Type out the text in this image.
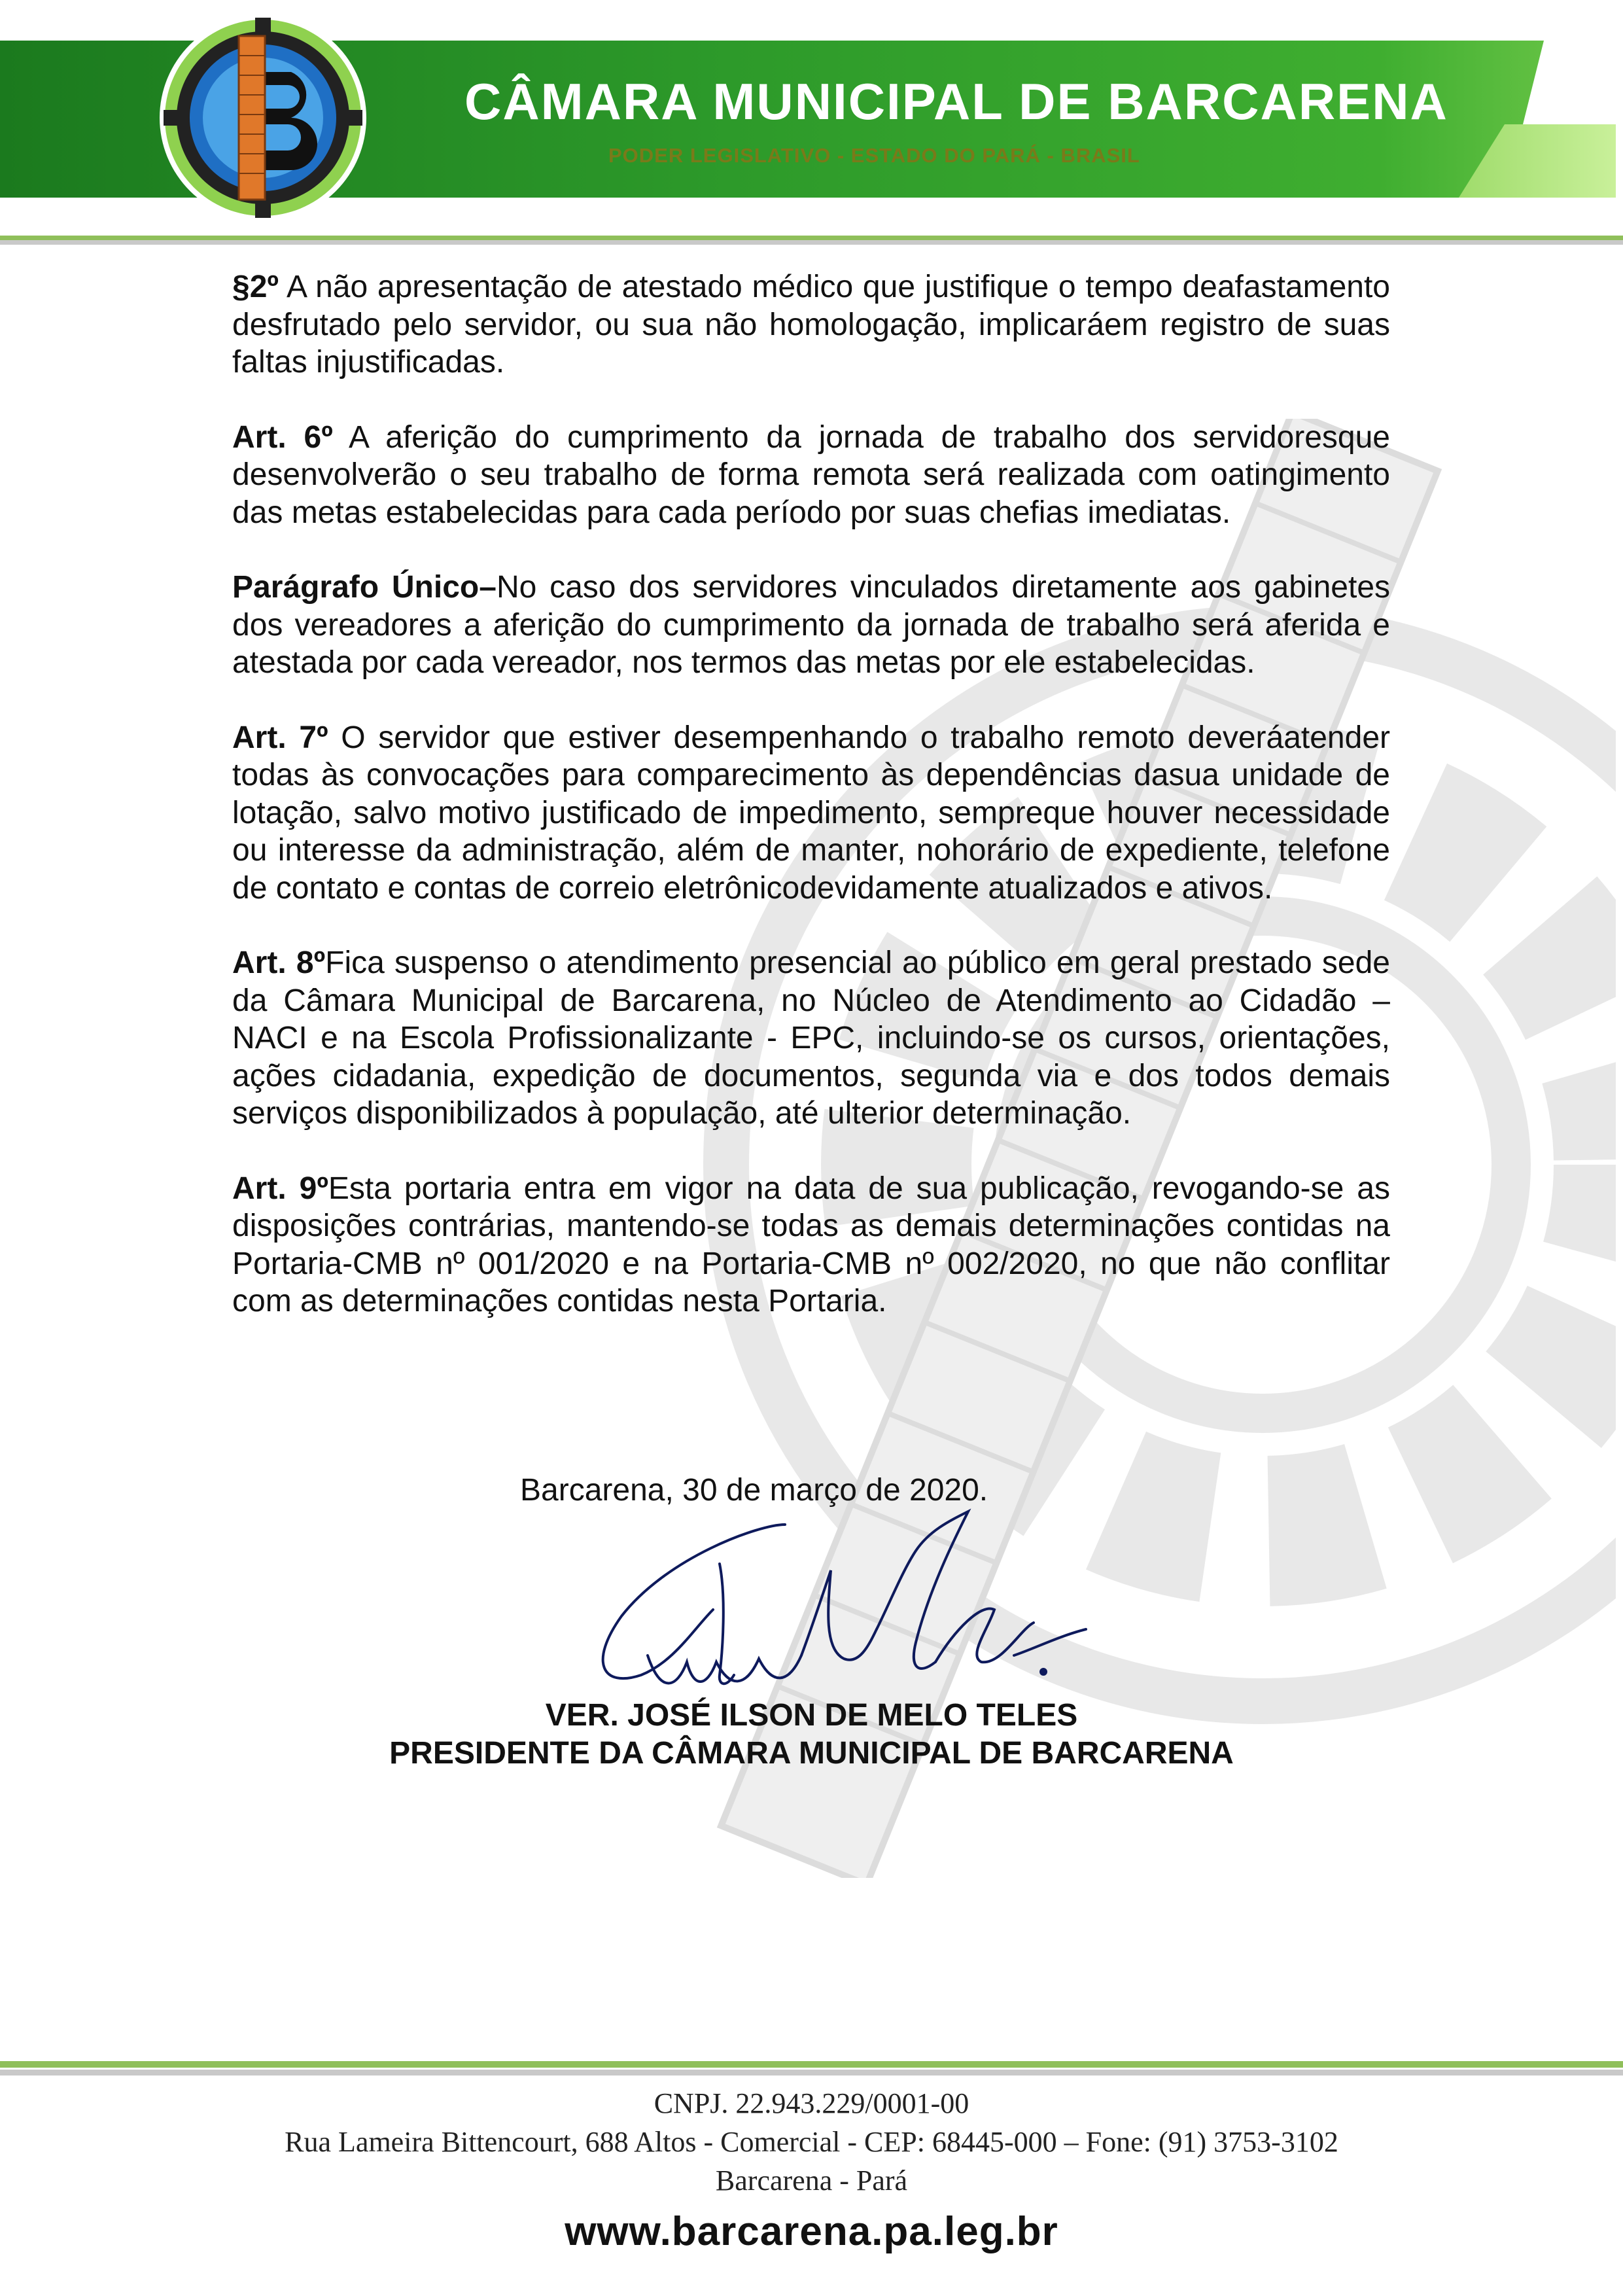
CÂMARA MUNICIPAL DE BARCARENA
PODER LEGISLATIVO - ESTADO DO PARÁ - BRASIL

§2º A não apresentação de atestado médico que justifique o tempo deafastamento desfrutado pelo servidor, ou sua não homologação, implicaráem registro de suas faltas injustificadas.

Art. 6º A aferição do cumprimento da jornada de trabalho dos servidoresque desenvolverão o seu trabalho de forma remota será realizada com oatingimento das metas estabelecidas para cada período por suas chefias imediatas.

Parágrafo Único–No caso dos servidores vinculados diretamente aos gabinetes dos vereadores a aferição do cumprimento da jornada de trabalho será aferida e atestada por cada vereador, nos termos das metas por ele estabelecidas.

Art. 7º O servidor que estiver desempenhando o trabalho remoto deveráatender todas às convocações para comparecimento às dependências dasua unidade de lotação, salvo motivo justificado de impedimento, sempreque houver necessidade ou interesse da administração, além de manter, nohorário de expediente, telefone de contato e contas de correio eletrônicodevidamente atualizados e ativos.

Art. 8ºFica suspenso o atendimento presencial ao público em geral prestado sede da Câmara Municipal de Barcarena, no Núcleo de Atendimento ao Cidadão – NACI e na Escola Profissionalizante - EPC, incluindo-se os cursos, orientações, ações cidadania, expedição de documentos, segunda via e dos todos demais serviços disponibilizados à população, até ulterior determinação.

Art. 9ºEsta portaria entra em vigor na data de sua publicação, revogando-se as disposições contrárias, mantendo-se todas as demais determinações contidas na Portaria-CMB nº 001/2020 e na Portaria-CMB nº 002/2020, no que não conflitar com as determinações contidas nesta Portaria.

Barcarena, 30 de março de 2020.
VER. JOSÉ ILSON DE MELO TELES
PRESIDENTE DA CÂMARA MUNICIPAL DE BARCARENA
CNPJ. 22.943.229/0001-00
Rua Lameira Bittencourt, 688 Altos - Comercial - CEP: 68445-000 – Fone: (91) 3753-3102
Barcarena - Pará
www.barcarena.pa.leg.br
